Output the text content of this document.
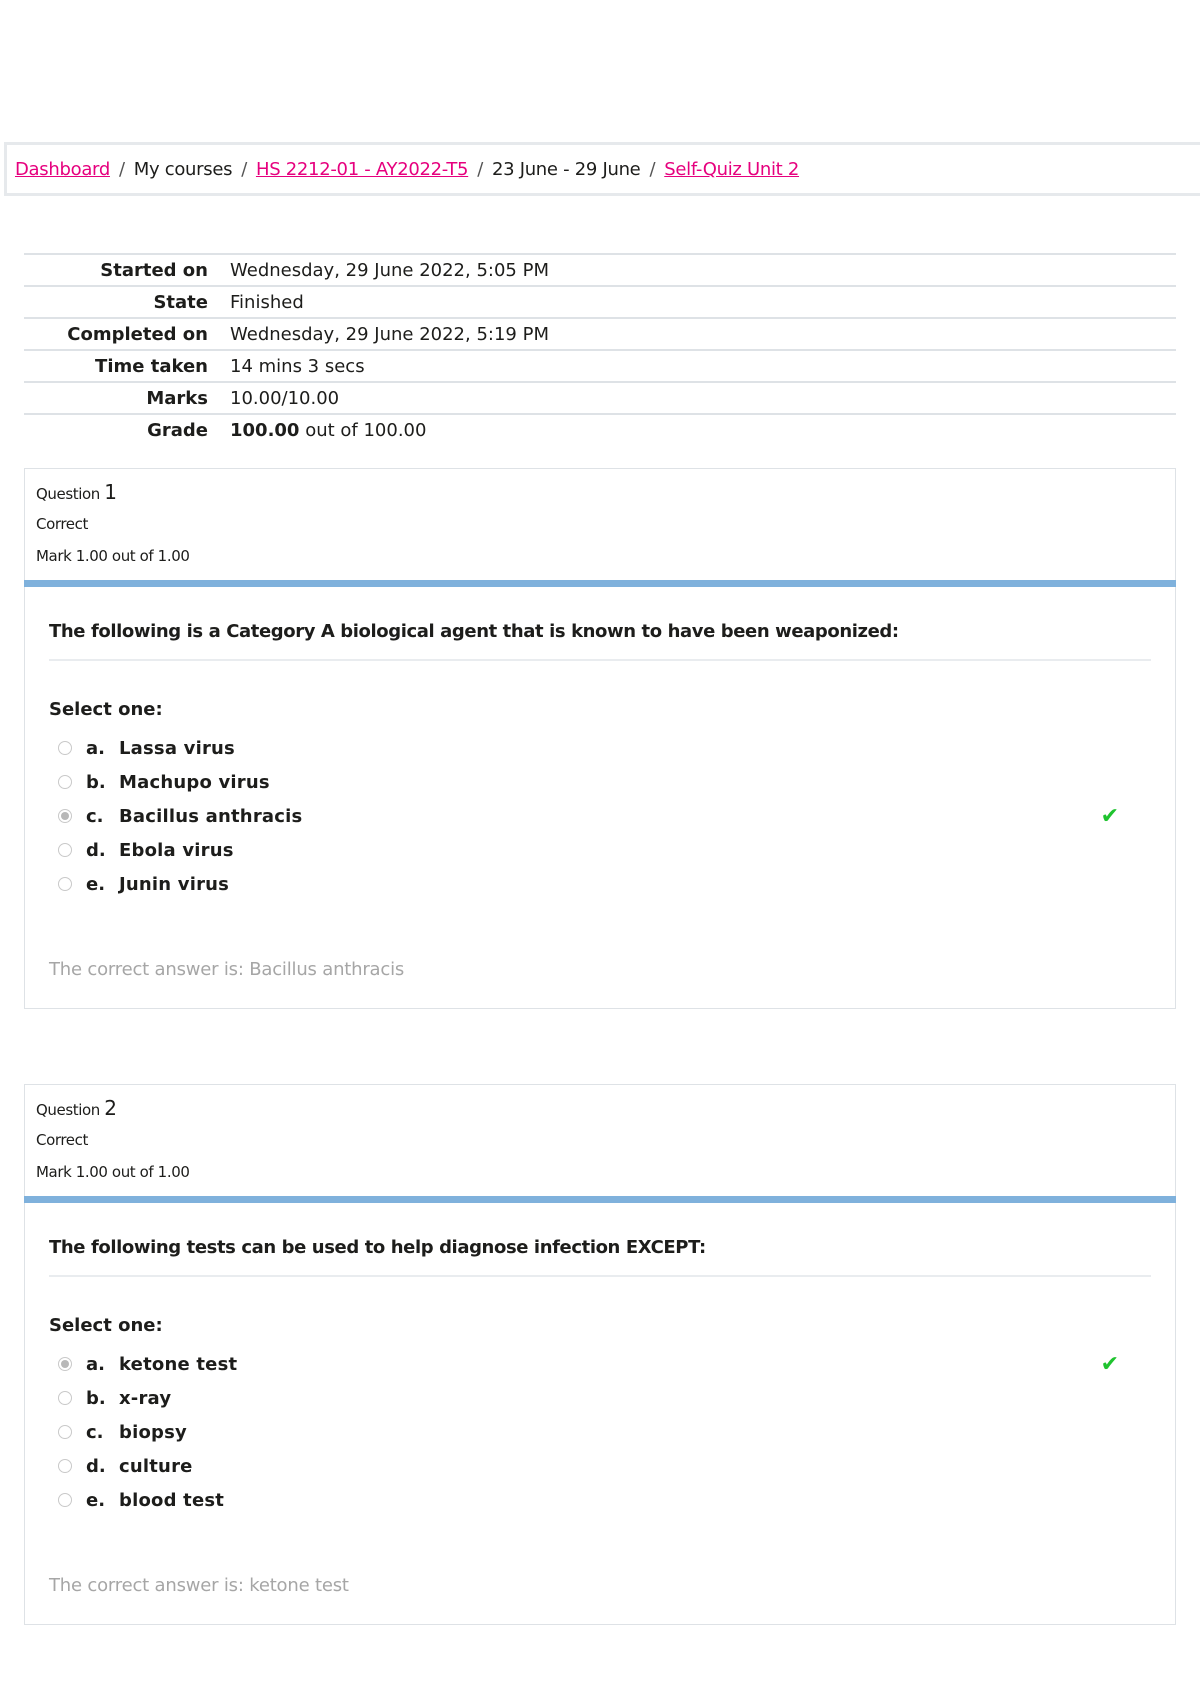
Dashboard / My courses / HS 2212-01 - AY2022-T5 / 23 June - 29 June / Self-Quiz Unit 2
Started on	Wednesday, 29 June 2022, 5:05 PM
State	Finished
Completed on	Wednesday, 29 June 2022, 5:19 PM
Time taken	14 mins 3 secs
Marks	10.00/10.00
Grade	100.00 out of 100.00
Question 1
Correct
Mark 1.00 out of 1.00
The following is a Category A biological agent that is known to have been weaponized:
Select one:
a. Lassa virus
b. Machupo virus
c. Bacillus anthracis	✔
d. Ebola virus
e. Junin virus
The correct answer is: Bacillus anthracis
Question 2
Correct
Mark 1.00 out of 1.00
The following tests can be used to help diagnose infection EXCEPT:
Select one:
a. ketone test	✔
b. x-ray
c. biopsy
d. culture
e. blood test
The correct answer is: ketone test
